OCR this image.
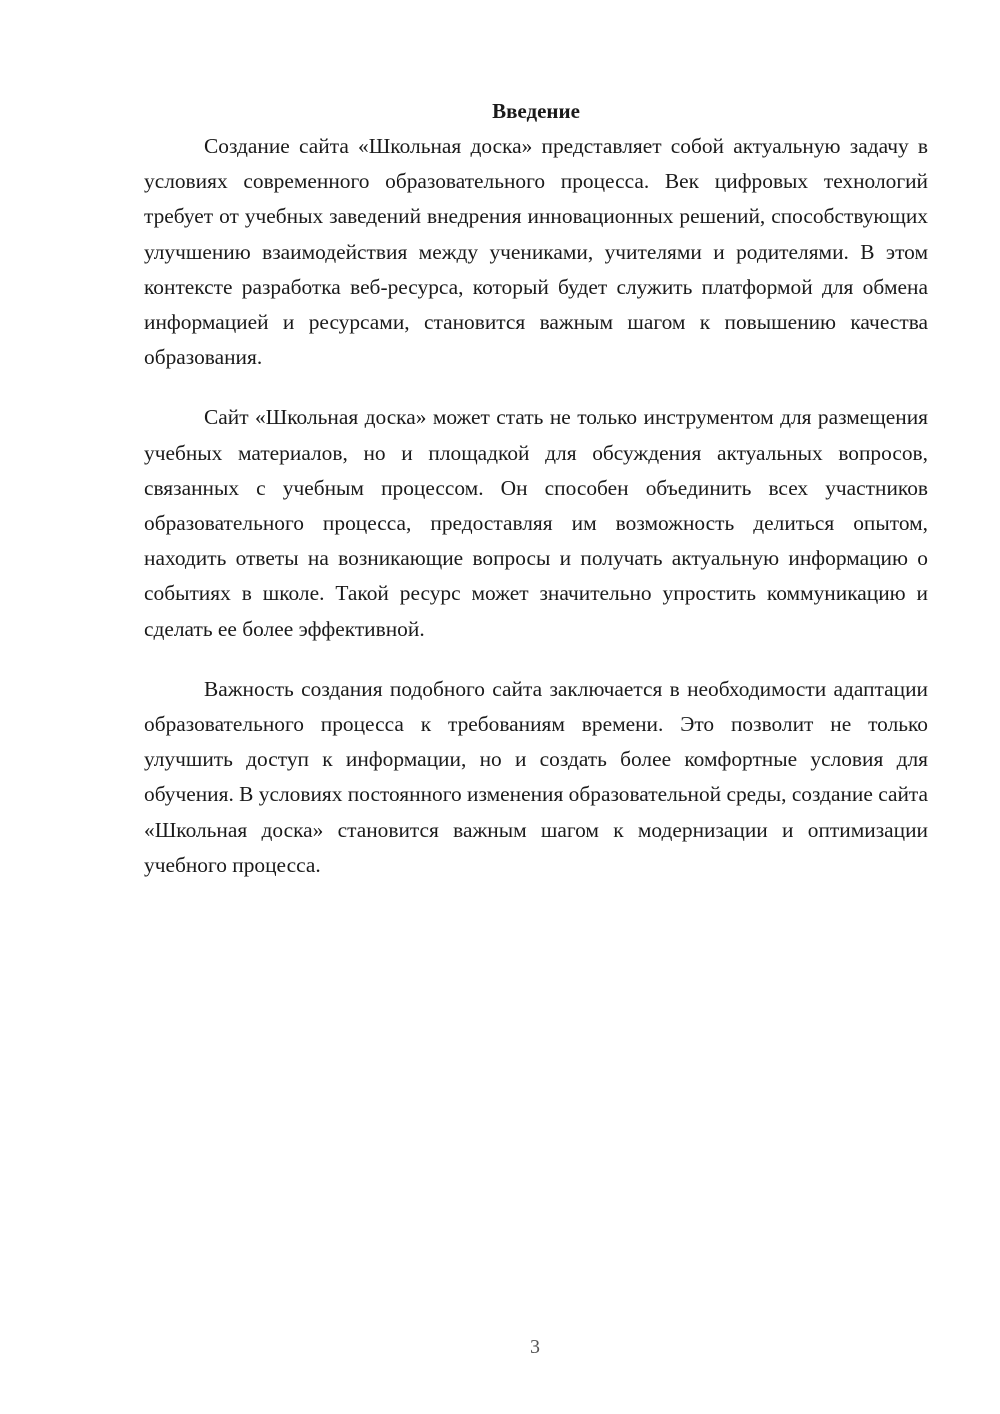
Введение

Создание сайта «Школьная доска» представляет собой актуальную задачу в условиях современного образовательного процесса. Век цифровых технологий требует от учебных заведений внедрения инновационных решений, способствующих улучшению взаимодействия между учениками, учителями и родителями. В этом контексте разработка веб-ресурса, который будет служить платформой для обмена информацией и ресурсами, становится важным шагом к повышению качества образования.

Сайт «Школьная доска» может стать не только инструментом для размещения учебных материалов, но и площадкой для обсуждения актуальных вопросов, связанных с учебным процессом. Он способен объединить всех участников образовательного процесса, предоставляя им возможность делиться опытом, находить ответы на возникающие вопросы и получать актуальную информацию о событиях в школе. Такой ресурс может значительно упростить коммуникацию и сделать ее более эффективной.

Важность создания подобного сайта заключается в необходимости адаптации образовательного процесса к требованиям времени. Это позволит не только улучшить доступ к информации, но и создать более комфортные условия для обучения. В условиях постоянного изменения образовательной среды, создание сайта «Школьная доска» становится важным шагом к модернизации и оптимизации учебного процесса.

3
